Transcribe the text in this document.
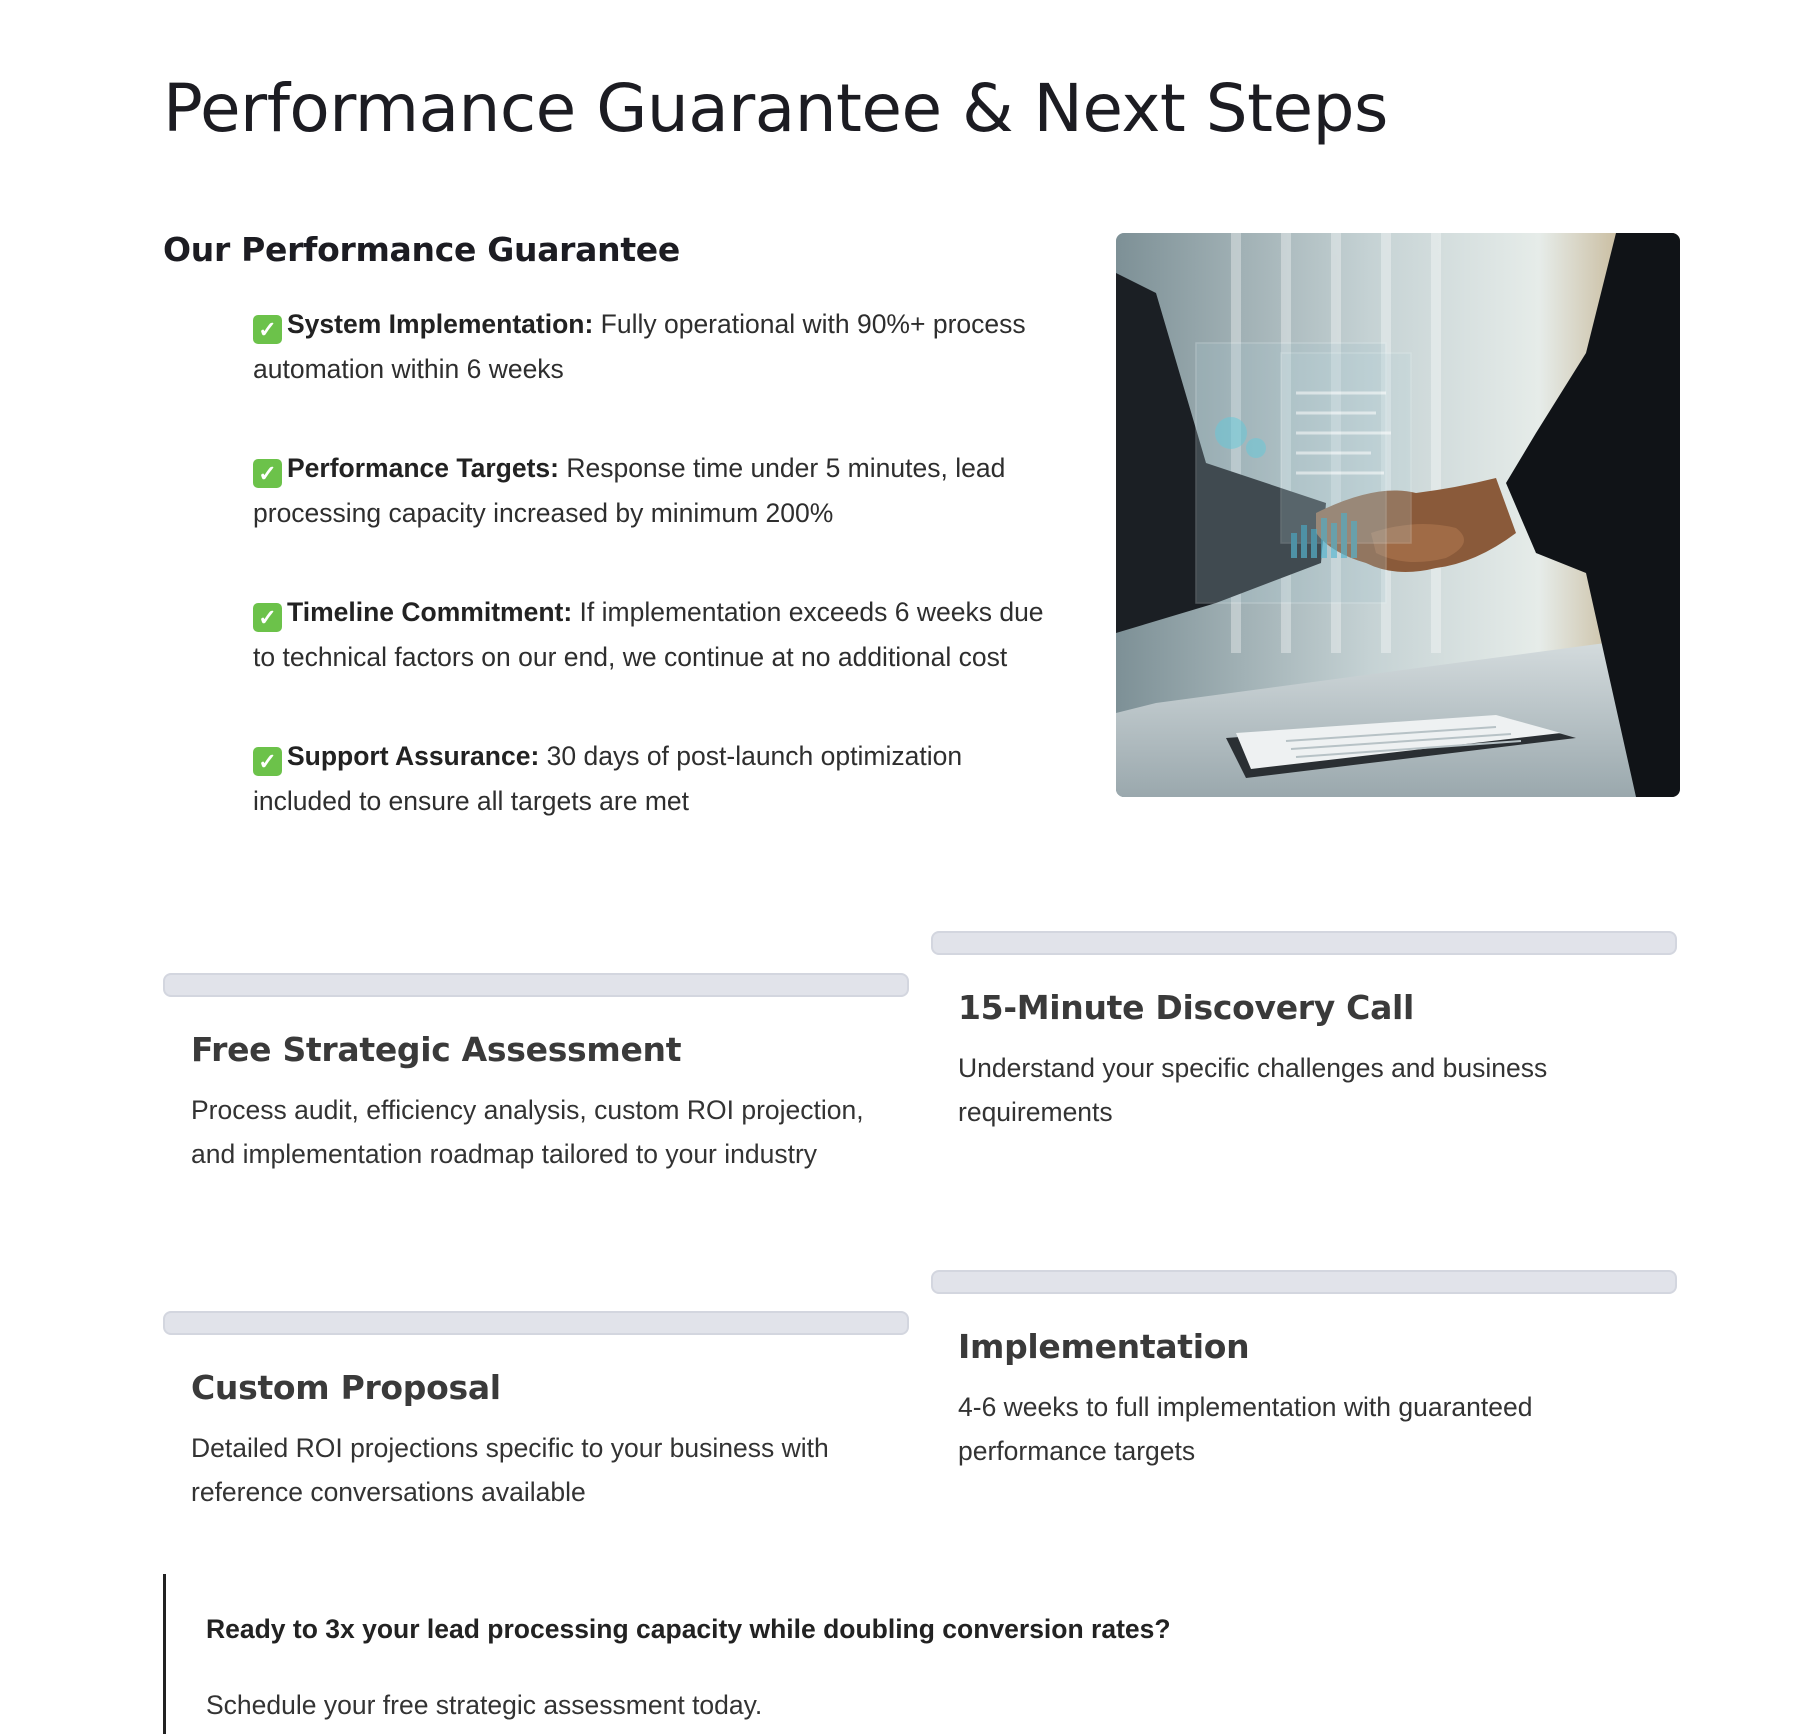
Performance Guarantee & Next Steps
Our Performance Guarantee
✓ System Implementation: Fully operational with 90%+ process automation within 6 weeks
✓ Performance Targets: Response time under 5 minutes, lead processing capacity increased by minimum 200%
✓ Timeline Commitment: If implementation exceeds 6 weeks due to technical factors on our end, we continue at no additional cost
✓ Support Assurance: 30 days of post-launch optimization included to ensure all targets are met
Free Strategic Assessment

Process audit, efficiency analysis, custom ROI projection, and implementation roadmap tailored to your industry

15-Minute Discovery Call

Understand your specific challenges and business requirements

Custom Proposal

Detailed ROI projections specific to your business with reference conversations available

Implementation

4-6 weeks to full implementation with guaranteed performance targets

Ready to 3x your lead processing capacity while doubling conversion rates?

Schedule your free strategic assessment today.
